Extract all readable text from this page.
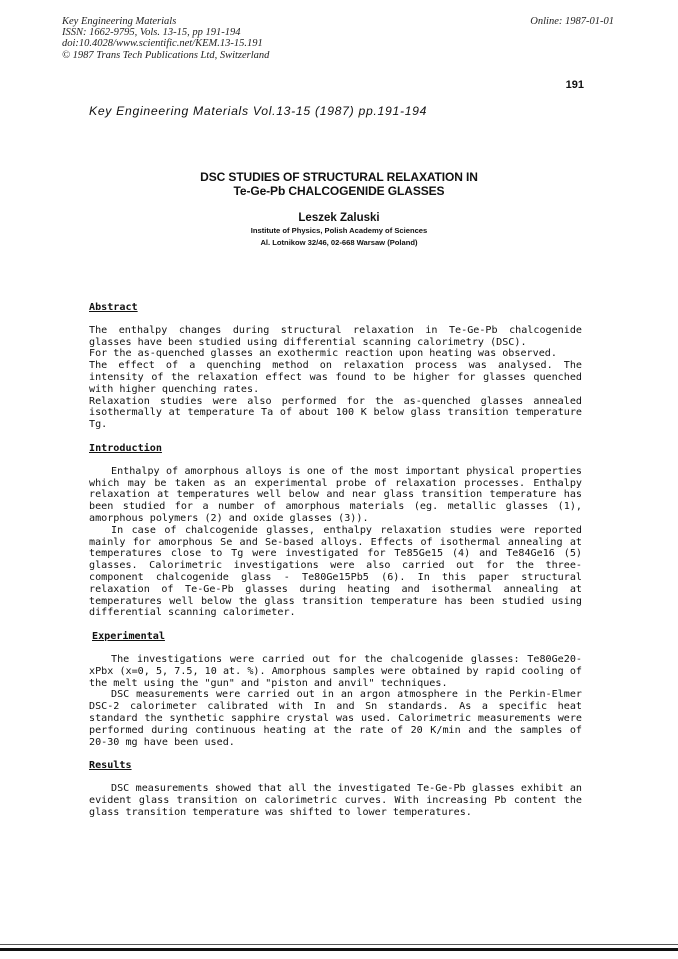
Key Engineering Materials
ISSN: 1662-9795, Vols. 13-15, pp 191-194
doi:10.4028/www.scientific.net/KEM.13-15.191
© 1987 Trans Tech Publications Ltd, Switzerland
Online: 1987-01-01
191
Key Engineering Materials Vol.13-15 (1987) pp.191-194
DSC STUDIES OF STRUCTURAL RELAXATION IN
Te-Ge-Pb CHALCOGENIDE GLASSES
Leszek Zaluski
Institute of Physics, Polish Academy of Sciences
Al. Lotnikow 32/46, 02-668 Warsaw (Poland)
Abstract

The enthalpy changes during structural relaxation in Te-Ge-Pb chalcogenide glasses have been studied using differential scanning calorimetry (DSC).

For the as-quenched glasses an exothermic reaction upon heating was observed.

The effect of a quenching method on relaxation process was analysed. The intensity of the relaxation effect was found to be higher for glasses quenched with higher quenching rates.

Relaxation studies were also performed for the as-quenched glasses annealed isothermally at temperature Ta of about 100 K below glass transition temperature Tg.

Introduction

Enthalpy of amorphous alloys is one of the most important physical properties which may be taken as an experimental probe of relaxation processes. Enthalpy relaxation at temperatures well below and near glass transition temperature has been studied for a number of amorphous materials (eg. metallic glasses (1), amorphous polymers (2) and oxide glasses (3)).

In case of chalcogenide glasses, enthalpy relaxation studies were reported mainly for amorphous Se and Se-based alloys. Effects of isothermal annealing at temperatures close to Tg were investigated for Te85Ge15 (4) and Te84Ge16 (5) glasses. Calorimetric investigations were also carried out for the three-component chalcogenide glass - Te80Ge15Pb5 (6). In this paper structural relaxation of Te-Ge-Pb glasses during heating and isothermal annealing at temperatures well below the glass transition temperature has been studied using differential scanning calorimeter.

Experimental

The investigations were carried out for the chalcogenide glasses: Te80Ge20-xPbx (x=0, 5, 7.5, 10 at. %). Amorphous samples were obtained by rapid cooling of the melt using the "gun" and "piston and anvil" techniques.

DSC measurements were carried out in an argon atmosphere in the Perkin-Elmer DSC-2 calorimeter calibrated with In and Sn standards. As a specific heat standard the synthetic sapphire crystal was used. Calorimetric measurements were performed during continuous heating at the rate of 20 K/min and the samples of 20-30 mg have been used.

Results

DSC measurements showed that all the investigated Te-Ge-Pb glasses exhibit an evident glass transition on calorimetric curves. With increasing Pb content the glass transition temperature was shifted to lower temperatures.
